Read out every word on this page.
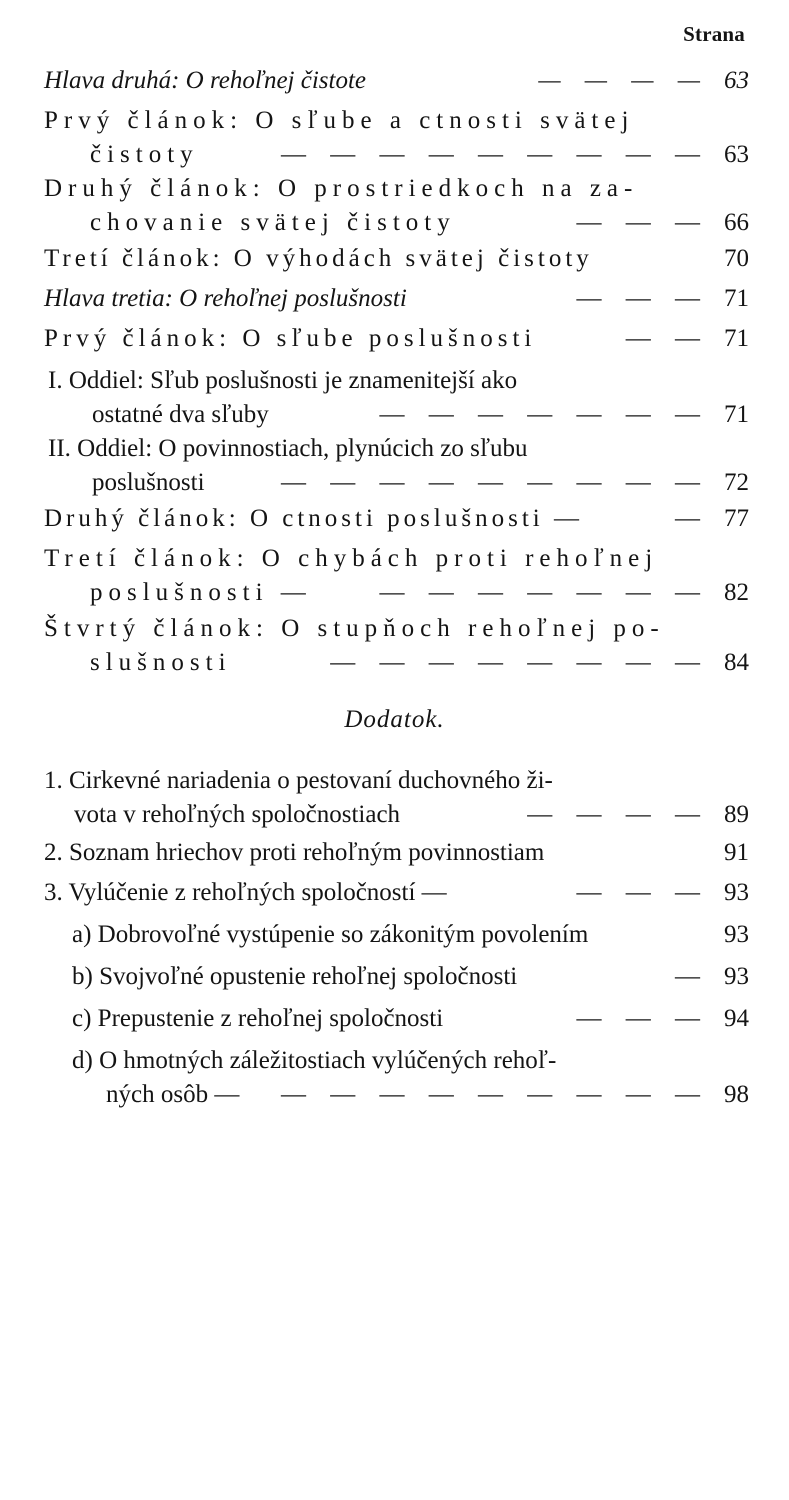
Strana
Hlava druhá: O rehoľnej čistote	— — — — 63
Prvý článok: O sľube a ctnosti svätej
čistoty	— — — — — — — — — 63
Druhý článok: O prostriedkoch na za-
chovanie svätej čistoty	— — — 66
Tretí článok: O výhodách svätej čistoty	70
Hlava tretia: O rehoľnej poslušnosti	— — — 71
Prvý článok: O sľube poslušnosti	— — 71
I. Oddiel: Sľub poslušnosti je znamenitejší ako
ostatné dva sľuby	— — — — — — — 71
II. Oddiel: O povinnostiach, plynúcich zo sľubu
poslušnosti	— — — — — — — — — 72
Druhý článok: O ctnosti poslušnosti —	— 77
Tretí článok: O chybách proti rehoľnej
poslušnosti —	— — — — — — — 82
Štvrtý článok: O stupňoch rehoľnej po-
slušnosti	— — — — — — — — 84
Dodatok.
1. Cirkevné nariadenia o pestovaní duchovného ži-
vota v rehoľných spoločnostiach	— — — — 89
2. Soznam hriechov proti rehoľným povinnostiam	91
3. Vylúčenie z rehoľných spoločností —	— — — 93
a) Dobrovoľné vystúpenie so zákonitým povolením	93
b) Svojvoľné opustenie rehoľnej spoločnosti	— 93
c) Prepustenie z rehoľnej spoločnosti	— — — 94
d) O hmotných záležitostiach vylúčených rehoľ-
ných osôb —	— — — — — — — — — 98
